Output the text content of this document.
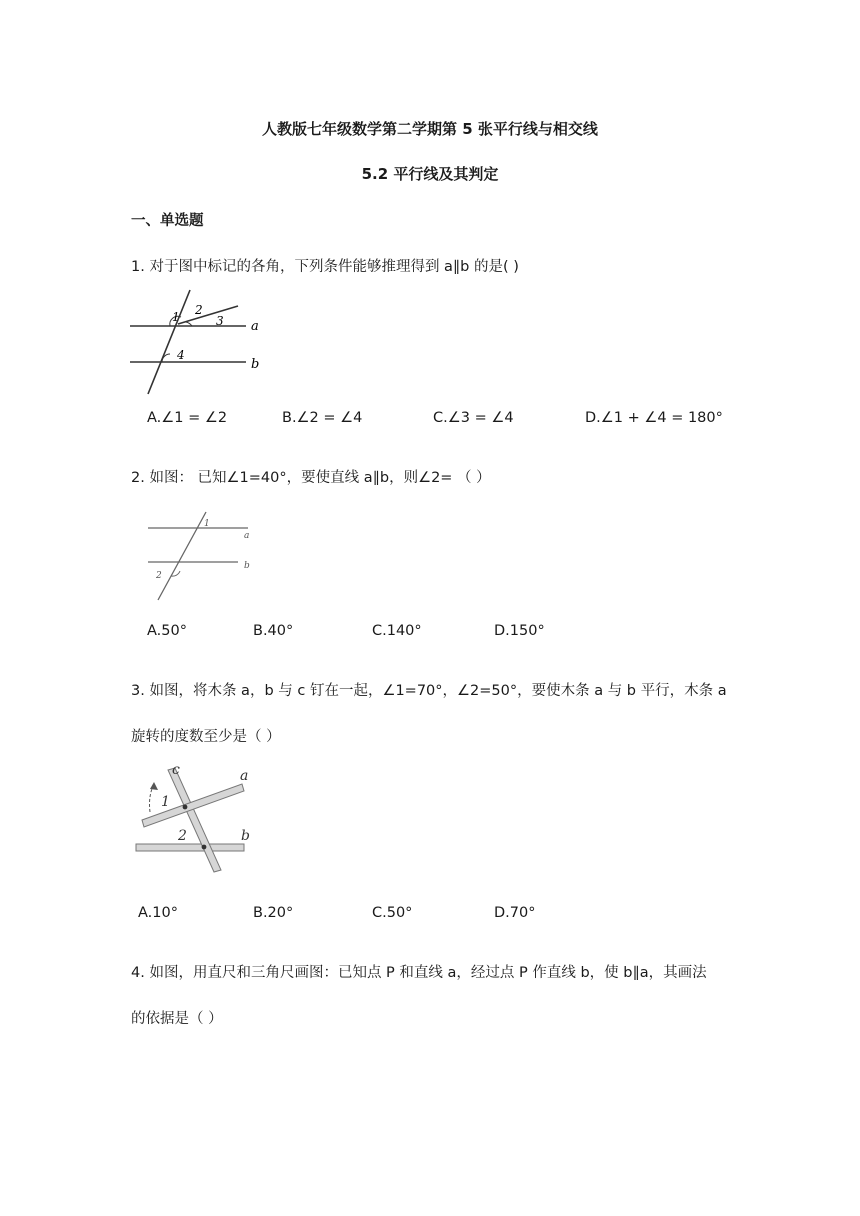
人教版七年级数学第二学期第 5 张平行线与相交线
5.2 平行线及其判定
一、单选题
1. 对于图中标记的各角，下列条件能够推理得到 a∥b 的是( )
1 2
3
4
a
b
A.∠1 = ∠2	B.∠2 = ∠4	C.∠3 = ∠4	D.∠1 + ∠4 = 180°
2. 如图： 已知∠1=40°，要使直线 a∥b，则∠2= （ ）
1
2
a
b
A.50°	B.40°	C.140°	D.150°
3. 如图，将木条 a，b 与 c 钉在一起，∠1=70°，∠2=50°，要使木条 a 与 b 平行，木条 a
旋转的度数至少是（ ）
c	a
b
1
2
A.10°	B.20°	C.50°	D.70°
4. 如图，用直尺和三角尺画图：已知点 P 和直线 a，经过点 P 作直线 b，使 b∥a，其画法
的依据是（ ）
